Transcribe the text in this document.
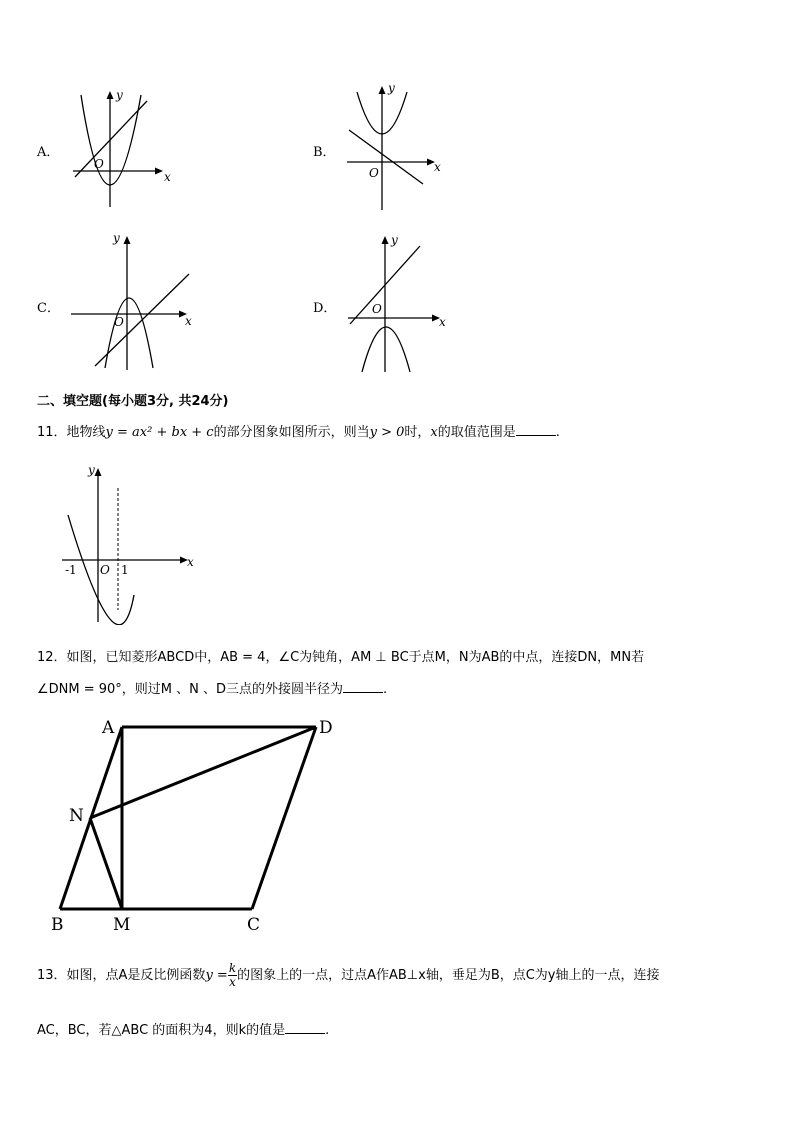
A．
x
y
O
B．
x
y
O
C．
x
y
O
D．
x
y
O
二、填空题(每小题3分, 共24分)
11．地物线y = ax² + bx + c的部分图象如图所示，则当y > 0时，x的取值范围是	.
-1 O 1
x
y
12．如图，已知菱形ABCD中，AB = 4，∠C为钝角，AM ⊥ BC于点M，N为AB的中点，连接DN，MN若
∠DNM = 90°，则过M 、N 、D三点的外接圆半径为	.
A	D
N
B	M	C
13．如图，点A是反比例函数$y = \frac{k}{x}$ 的图象上的一点，过点A作AB⊥x轴，垂足为B，点C为y轴上的一点，连接
AC，BC，若△ABC 的面积为4，则k的值是	.
